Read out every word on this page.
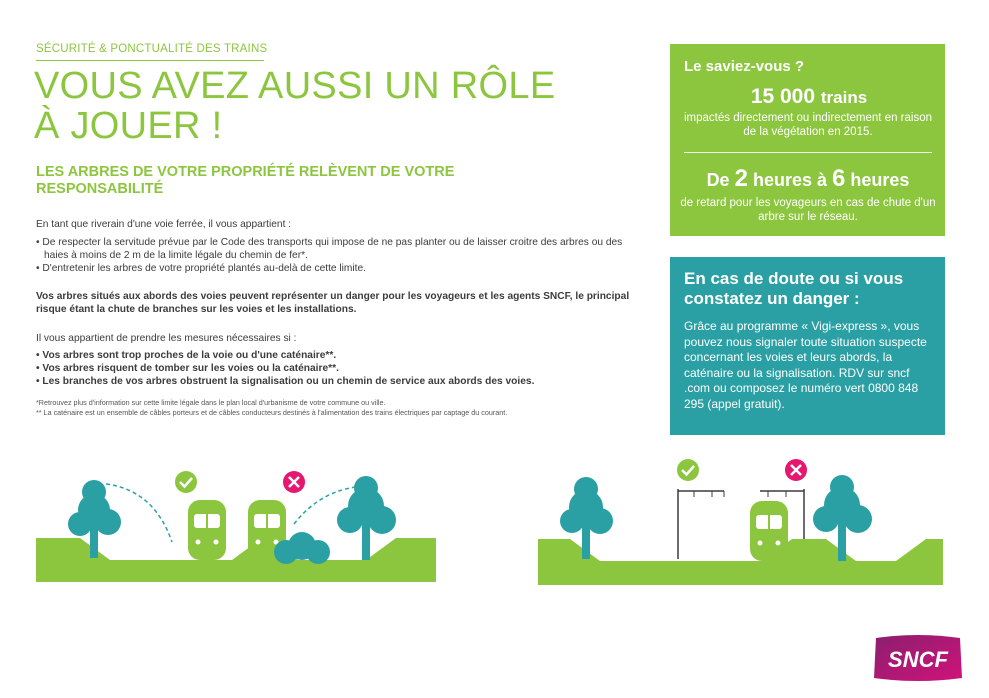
SÉCURITÉ & PONCTUALITÉ DES TRAINS
VOUS AVEZ AUSSI UN RÔLE
À JOUER !
LES ARBRES DE VOTRE PROPRIÉTÉ RELÈVENT DE VOTRE RESPONSABILITÉ

En tant que riverain d'une voie ferrée, il vous appartient :

• De respecter la servitude prévue par le Code des transports qui impose de ne pas planter ou de laisser croitre des arbres ou des haies à moins de 2 m de la limite légale du chemin de fer*.
• D'entretenir les arbres de votre propriété plantés au-delà de cette limite.

Vos arbres situés aux abords des voies peuvent représenter un danger pour les voyageurs et les agents SNCF, le principal risque étant la chute de branches sur les voies et les installations.

Il vous appartient de prendre les mesures nécessaires si :

• Vos arbres sont trop proches de la voie ou d'une caténaire**.
• Vos arbres risquent de tomber sur les voies ou la caténaire**.
• Les branches de vos arbres obstruent la signalisation ou un chemin de service aux abords des voies.
*Retrouvez plus d'information sur cette limite légale dans le plan local d'urbanisme de votre commune ou ville.
** La caténaire est un ensemble de câbles porteurs et de câbles conducteurs destinés à l'alimentation des trains électriques par captage du courant.
Le saviez-vous ?
15 000 trains
impactés directement ou indirectement en raison de la végétation en 2015.
De 2 heures à 6 heures
de retard pour les voyageurs en cas de chute d'un arbre sur le réseau.
En cas de doute ou si vous constatez un danger :
Grâce au programme « Vigi-express », vous pouvez nous signaler toute situation suspecte concernant les voies et leurs abords, la caténaire ou la signalisation. RDV sur sncf .com ou composez le numéro vert 0800 848 295 (appel gratuit).
SNCF
